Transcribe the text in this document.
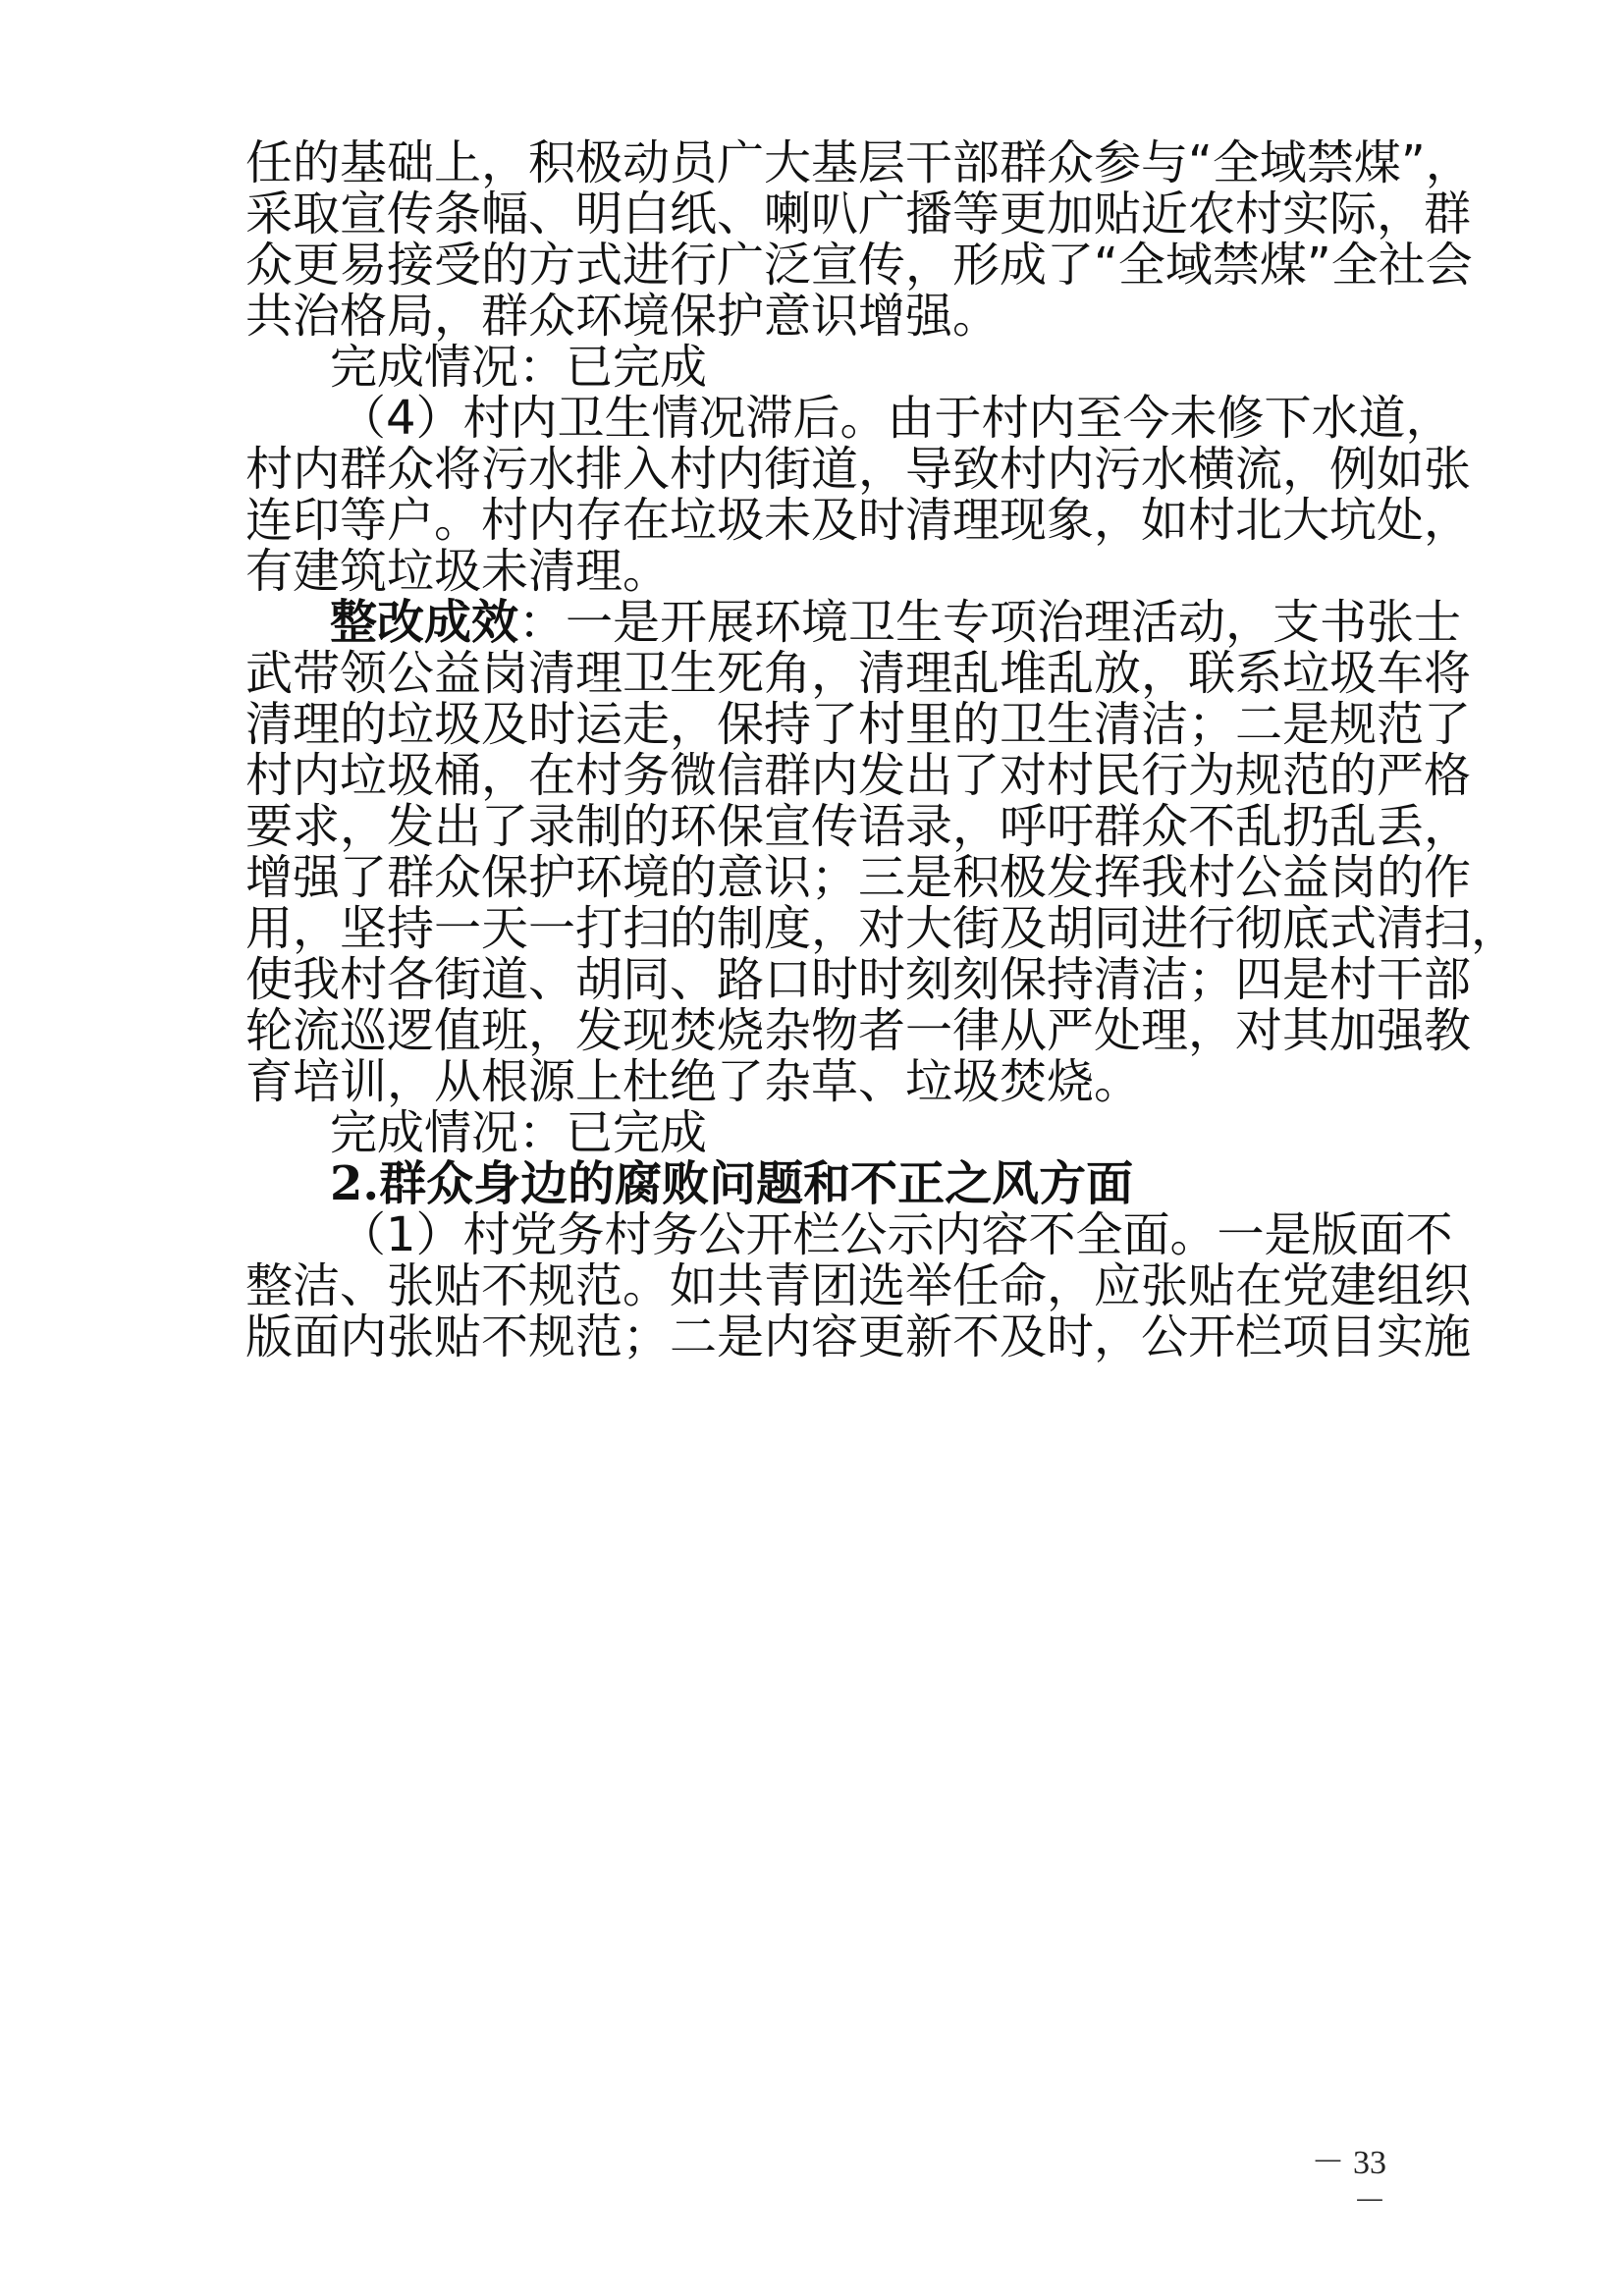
任的基础上，积极动员广大基层干部群众参与“全域禁煤”，
采取宣传条幅、明白纸、喇叭广播等更加贴近农村实际，群
众更易接受的方式进行广泛宣传，形成了“全域禁煤”全社会
共治格局，群众环境保护意识增强。
完成情况：已完成
（4）村内卫生情况滞后。由于村内至今未修下水道，
村内群众将污水排入村内街道，导致村内污水横流，例如张
连印等户。村内存在垃圾未及时清理现象，如村北大坑处，
有建筑垃圾未清理。
整改成效：一是开展环境卫生专项治理活动，支书张士
武带领公益岗清理卫生死角，清理乱堆乱放，联系垃圾车将
清理的垃圾及时运走，保持了村里的卫生清洁；二是规范了
村内垃圾桶，在村务微信群内发出了对村民行为规范的严格
要求，发出了录制的环保宣传语录，呼吁群众不乱扔乱丢，
增强了群众保护环境的意识；三是积极发挥我村公益岗的作
用，坚持一天一打扫的制度，对大街及胡同进行彻底式清扫，
使我村各街道、胡同、路口时时刻刻保持清洁；四是村干部
轮流巡逻值班，发现焚烧杂物者一律从严处理，对其加强教
育培训，从根源上杜绝了杂草、垃圾焚烧。
完成情况：已完成
2.群众身边的腐败问题和不正之风方面
（1）村党务村务公开栏公示内容不全面。一是版面不
整洁、张贴不规范。如共青团选举任命，应张贴在党建组织
版面内张贴不规范；二是内容更新不及时，公开栏项目实施
－ 33 －
